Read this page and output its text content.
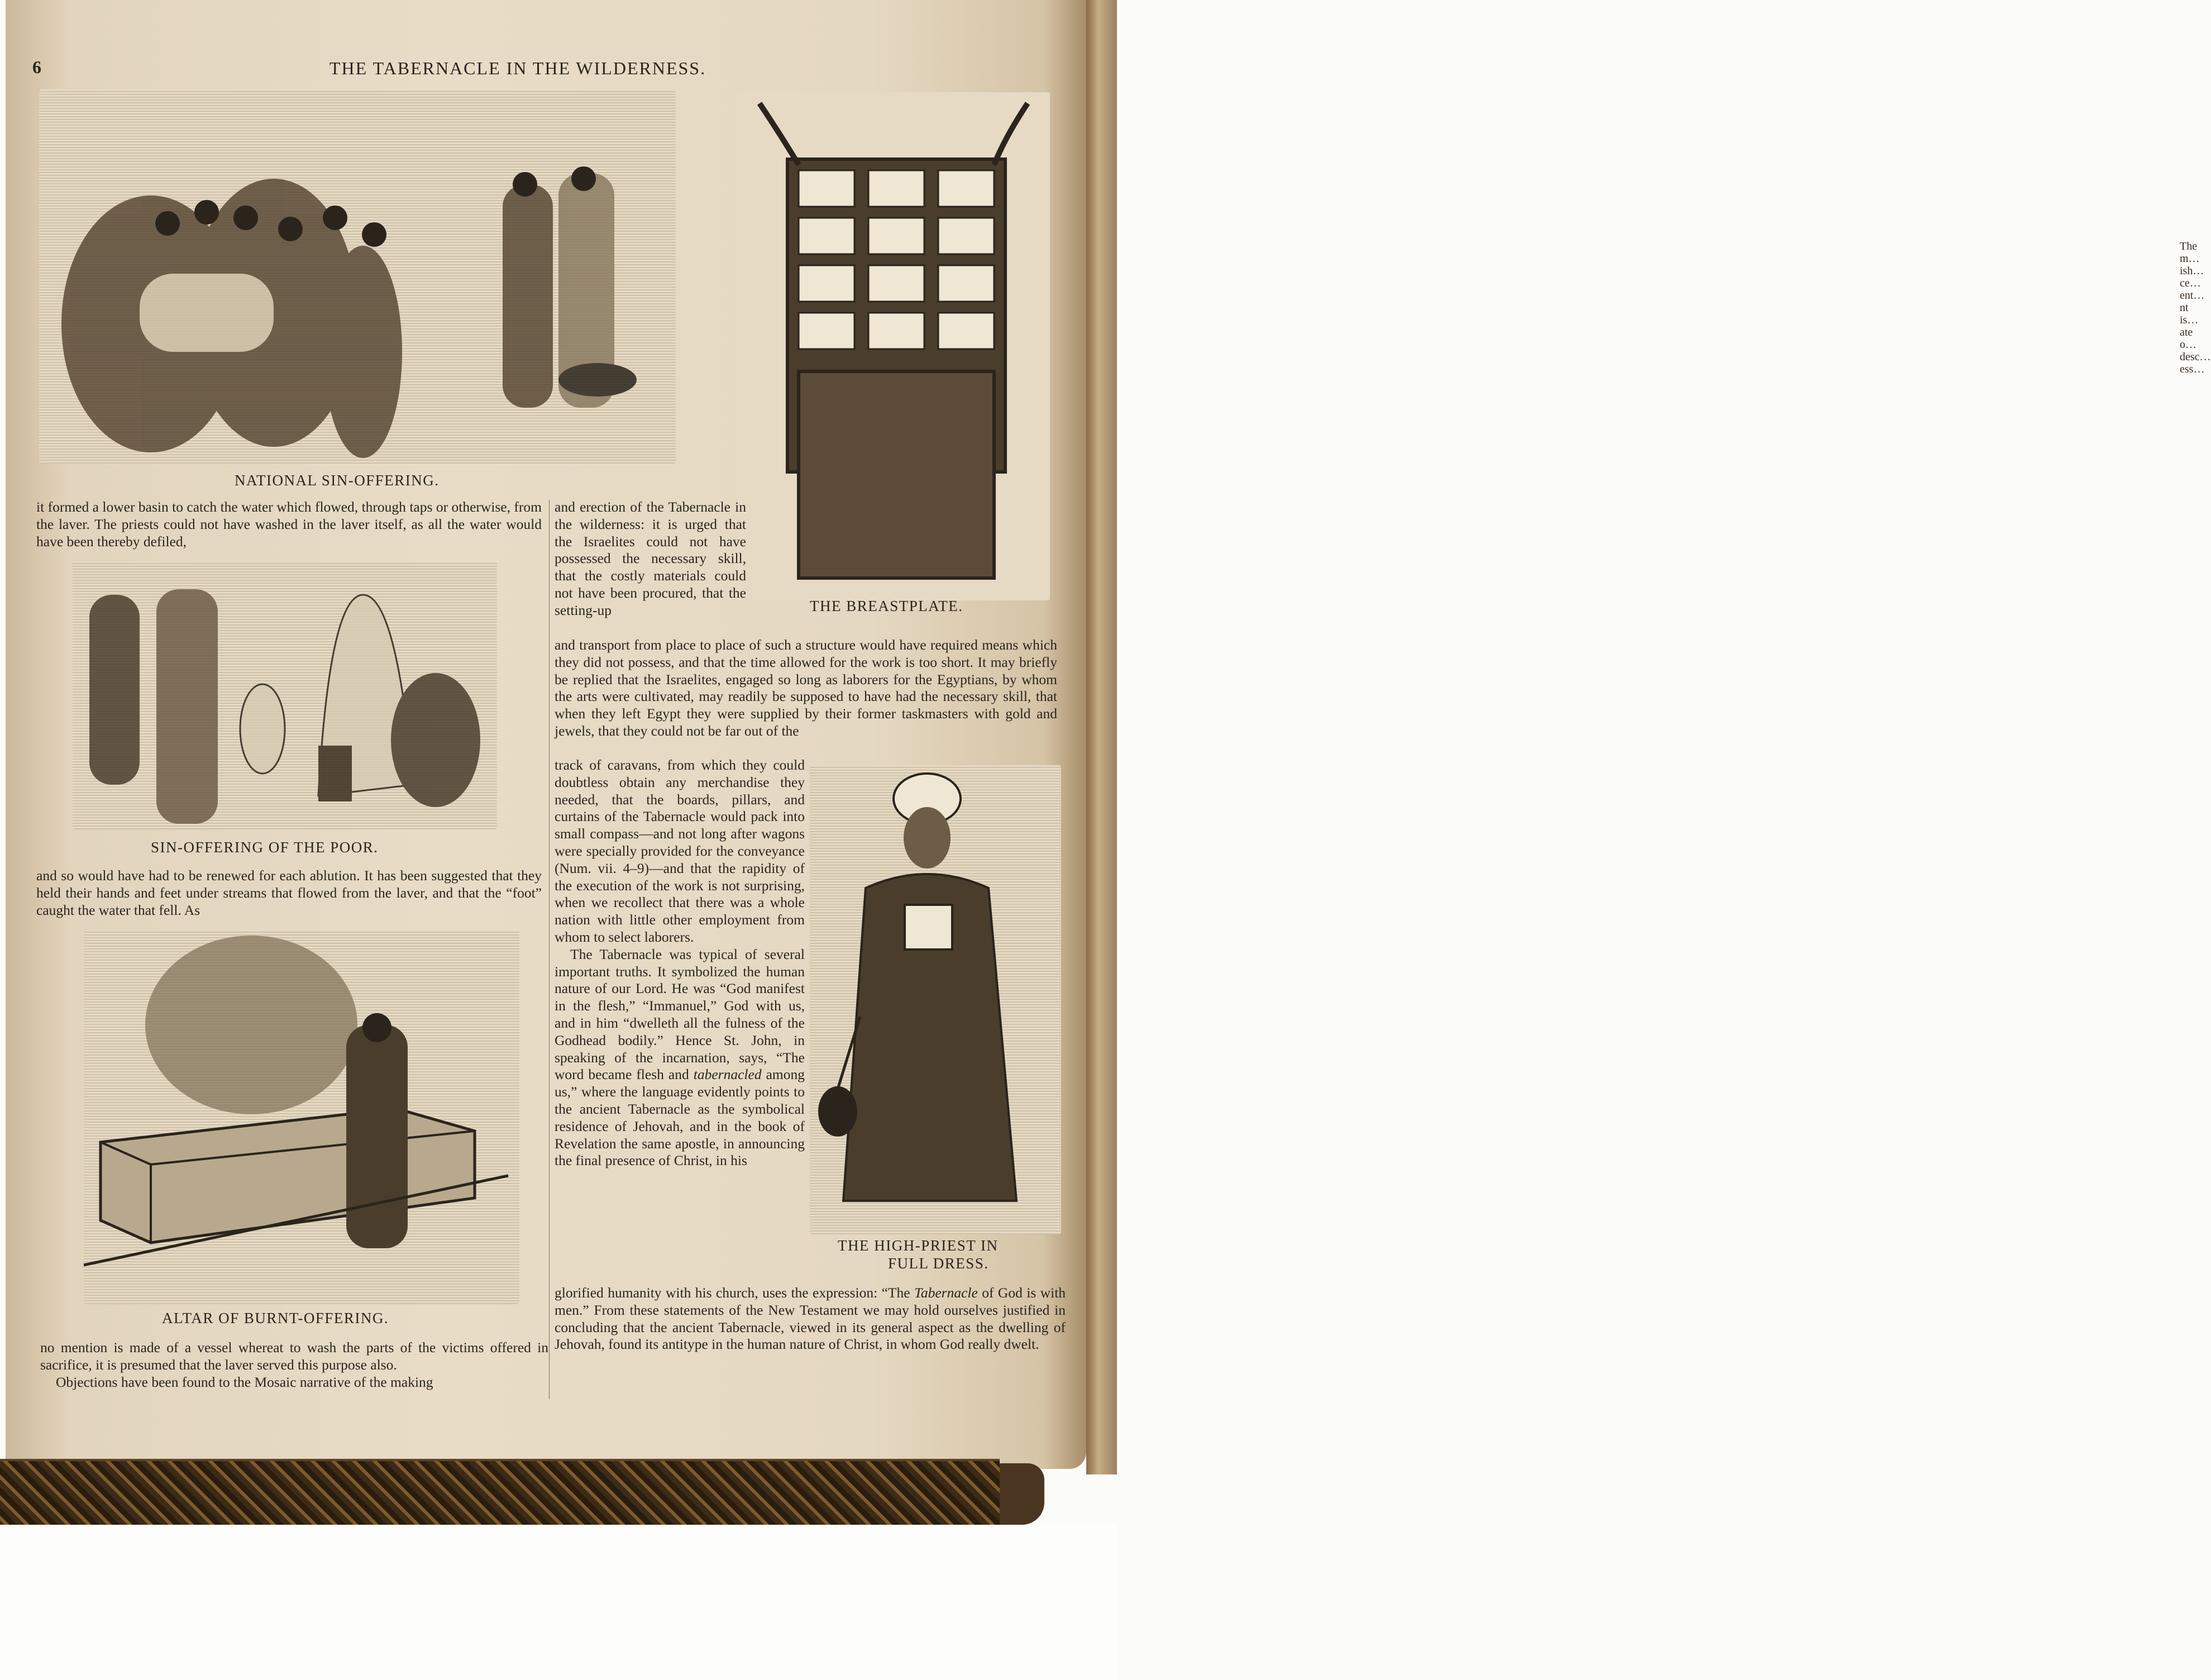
The m… ish… ce… ent… nt is… ate o… desc… ess…
6	THE TABERNACLE IN THE WILDERNESS.
NATIONAL SIN-OFFERING.
THE BREASTPLATE.
SIN-OFFERING OF THE POOR.
ALTAR OF BURNT-OFFERING.
THE HIGH-PRIEST IN
FULL DRESS.

it formed a lower basin to catch the water which flowed, through taps or otherwise, from the laver. The priests could not have washed in the laver itself, as all the water would have been thereby defiled,

and so would have had to be renewed for each ablution. It has been suggested that they held their hands and feet under streams that flowed from the laver, and that the “foot” caught the water that fell. As

no mention is made of a vessel whereat to wash the parts of the victims offered in sacrifice, it is presumed that the laver served this purpose also.

Objections have been found to the Mosaic narrative of the making

and erection of the Tabernacle in the wilderness: it is urged that the Israelites could not have possessed the necessary skill, that the costly materials could not have been procured, that the setting-up

and transport from place to place of such a structure would have required means which they did not possess, and that the time allowed for the work is too short. It may briefly be replied that the Israelites, engaged so long as laborers for the Egyptians, by whom the arts were cultivated, may readily be supposed to have had the necessary skill, that when they left Egypt they were supplied by their former taskmasters with gold and jewels, that they could not be far out of the

track of caravans, from which they could doubtless obtain any merchandise they needed, that the boards, pillars, and curtains of the Tabernacle would pack into small compass—and not long after wagons were specially provided for the conveyance (Num. vii. 4–9)—and that the rapidity of the execution of the work is not surprising, when we recollect that there was a whole nation with little other employment from whom to select laborers.

The Tabernacle was typical of several important truths. It symbolized the human nature of our Lord. He was “God manifest in the flesh,” “Immanuel,” God with us, and in him “dwelleth all the fulness of the Godhead bodily.” Hence St. John, in speaking of the incarnation, says, “The word became flesh and tabernacled among us,” where the language evidently points to the ancient Tabernacle as the symbolical residence of Jehovah, and in the book of Revelation the same apostle, in announcing the final presence of Christ, in his

glorified humanity with his church, uses the expression: “The Tabernacle of God is with men.” From these statements of the New Testament we may hold ourselves justified in concluding that the ancient Tabernacle, viewed in its general aspect as the dwelling of Jehovah, found its antitype in the human nature of Christ, in whom God really dwelt.
